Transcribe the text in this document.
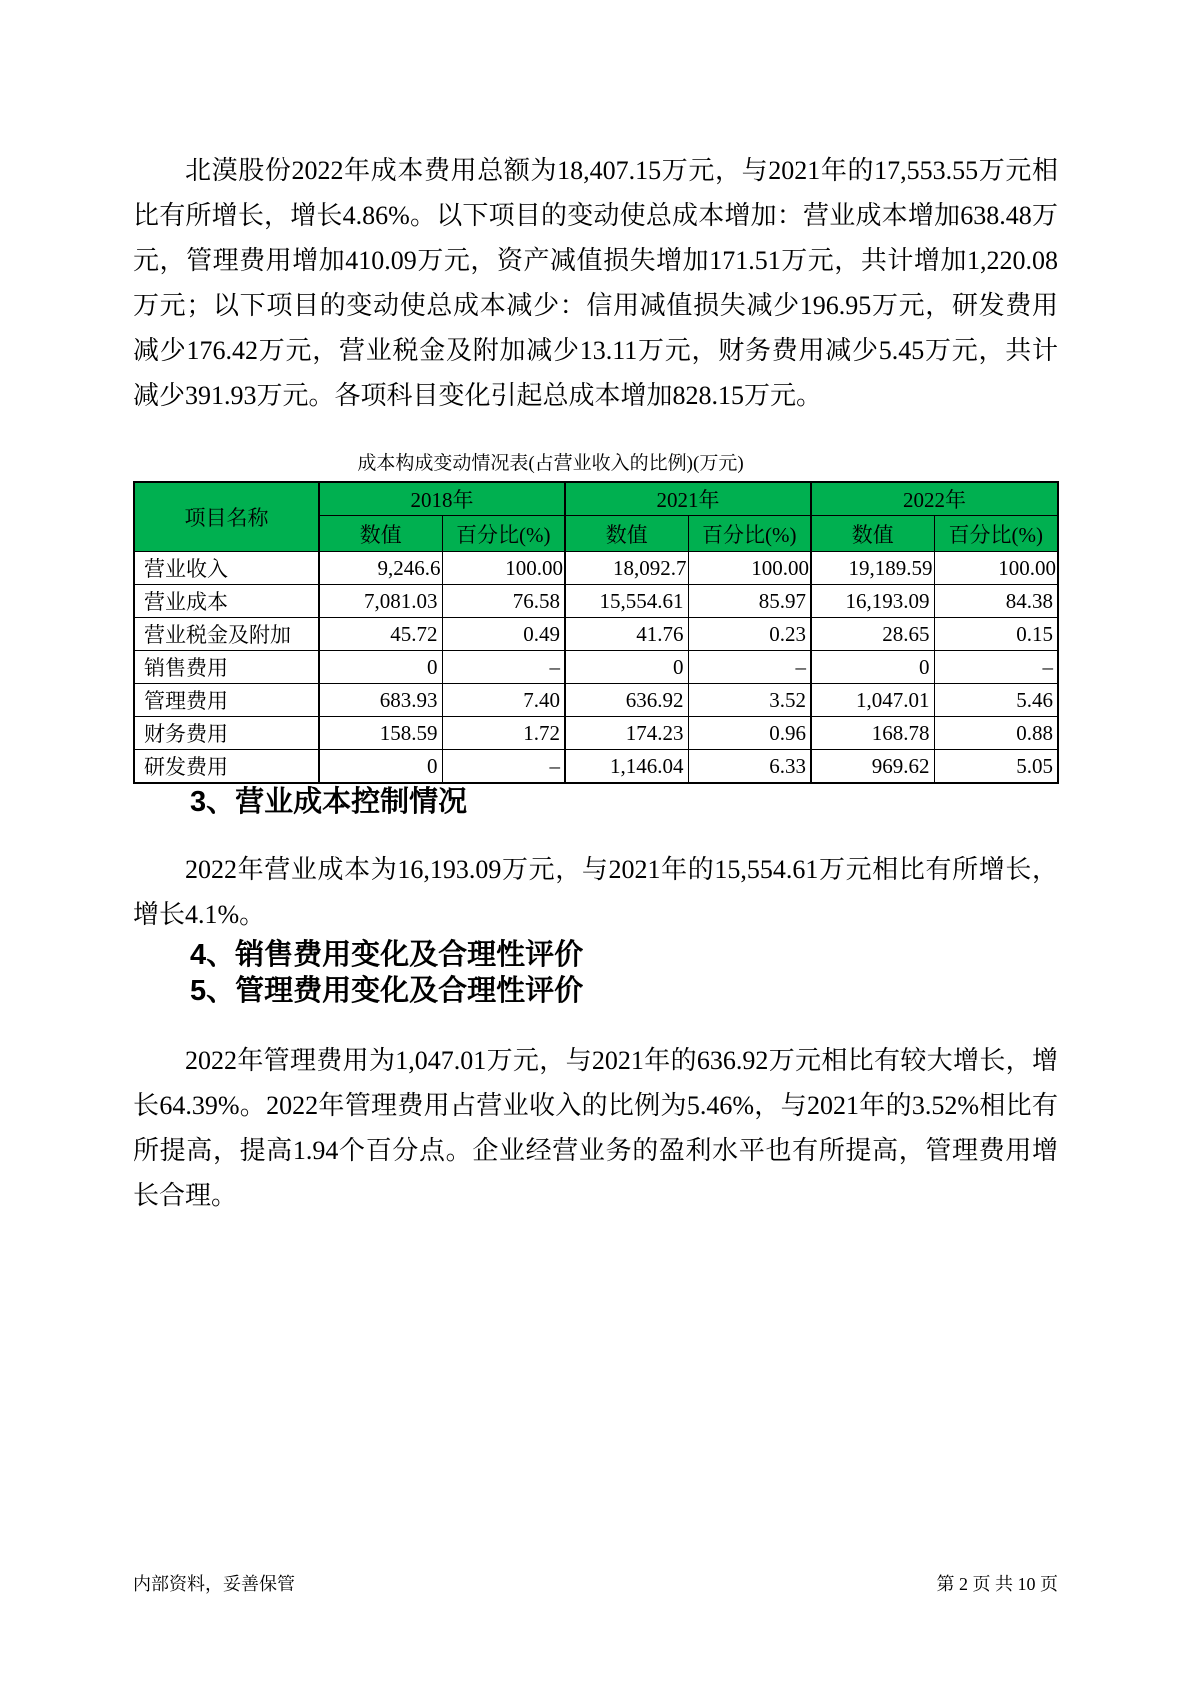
北漠股份2022年成本费用总额为18,407.15万元，与2021年的17,553.55万元相比有所增长，增长4.86%。以下项目的变动使总成本增加：营业成本增加638.48万元，管理费用增加410.09万元，资产减值损失增加171.51万元，共计增加1,220.08万元；以下项目的变动使总成本减少：信用减值损失减少196.95万元，研发费用减少176.42万元，营业税金及附加减少13.11万元，财务费用减少5.45万元，共计减少391.93万元。各项科目变化引起总成本增加828.15万元。

成本构成变动情况表(占营业收入的比例)(万元)
项目名称	2018年		2021年		2022年	
	数值	百分比(%)	数值	百分比(%)	数值	百分比(%)
营业收入	9,246.6	100.00	18,092.7	100.00	19,189.59	100.00
营业成本	7,081.03	76.58	15,554.61	85.97	16,193.09	84.38
营业税金及附加	45.72	0.49	41.76	0.23	28.65	0.15
销售费用	0	–	0	–	0	–
管理费用	683.93	7.40	636.92	3.52	1,047.01	5.46
财务费用	158.59	1.72	174.23	0.96	168.78	0.88
研发费用	0	–	1,146.04	6.33	969.62	5.05
3、营业成本控制情况

2022年营业成本为16,193.09万元，与2021年的15,554.61万元相比有所增长，增长4.1%。

4、销售费用变化及合理性评价
5、管理费用变化及合理性评价

2022年管理费用为1,047.01万元，与2021年的636.92万元相比有较大增长，增长64.39%。2022年管理费用占营业收入的比例为5.46%，与2021年的3.52%相比有所提高，提高1.94个百分点。企业经营业务的盈利水平也有所提高，管理费用增长合理。

内部资料，妥善保管	第 2 页 共 10 页
